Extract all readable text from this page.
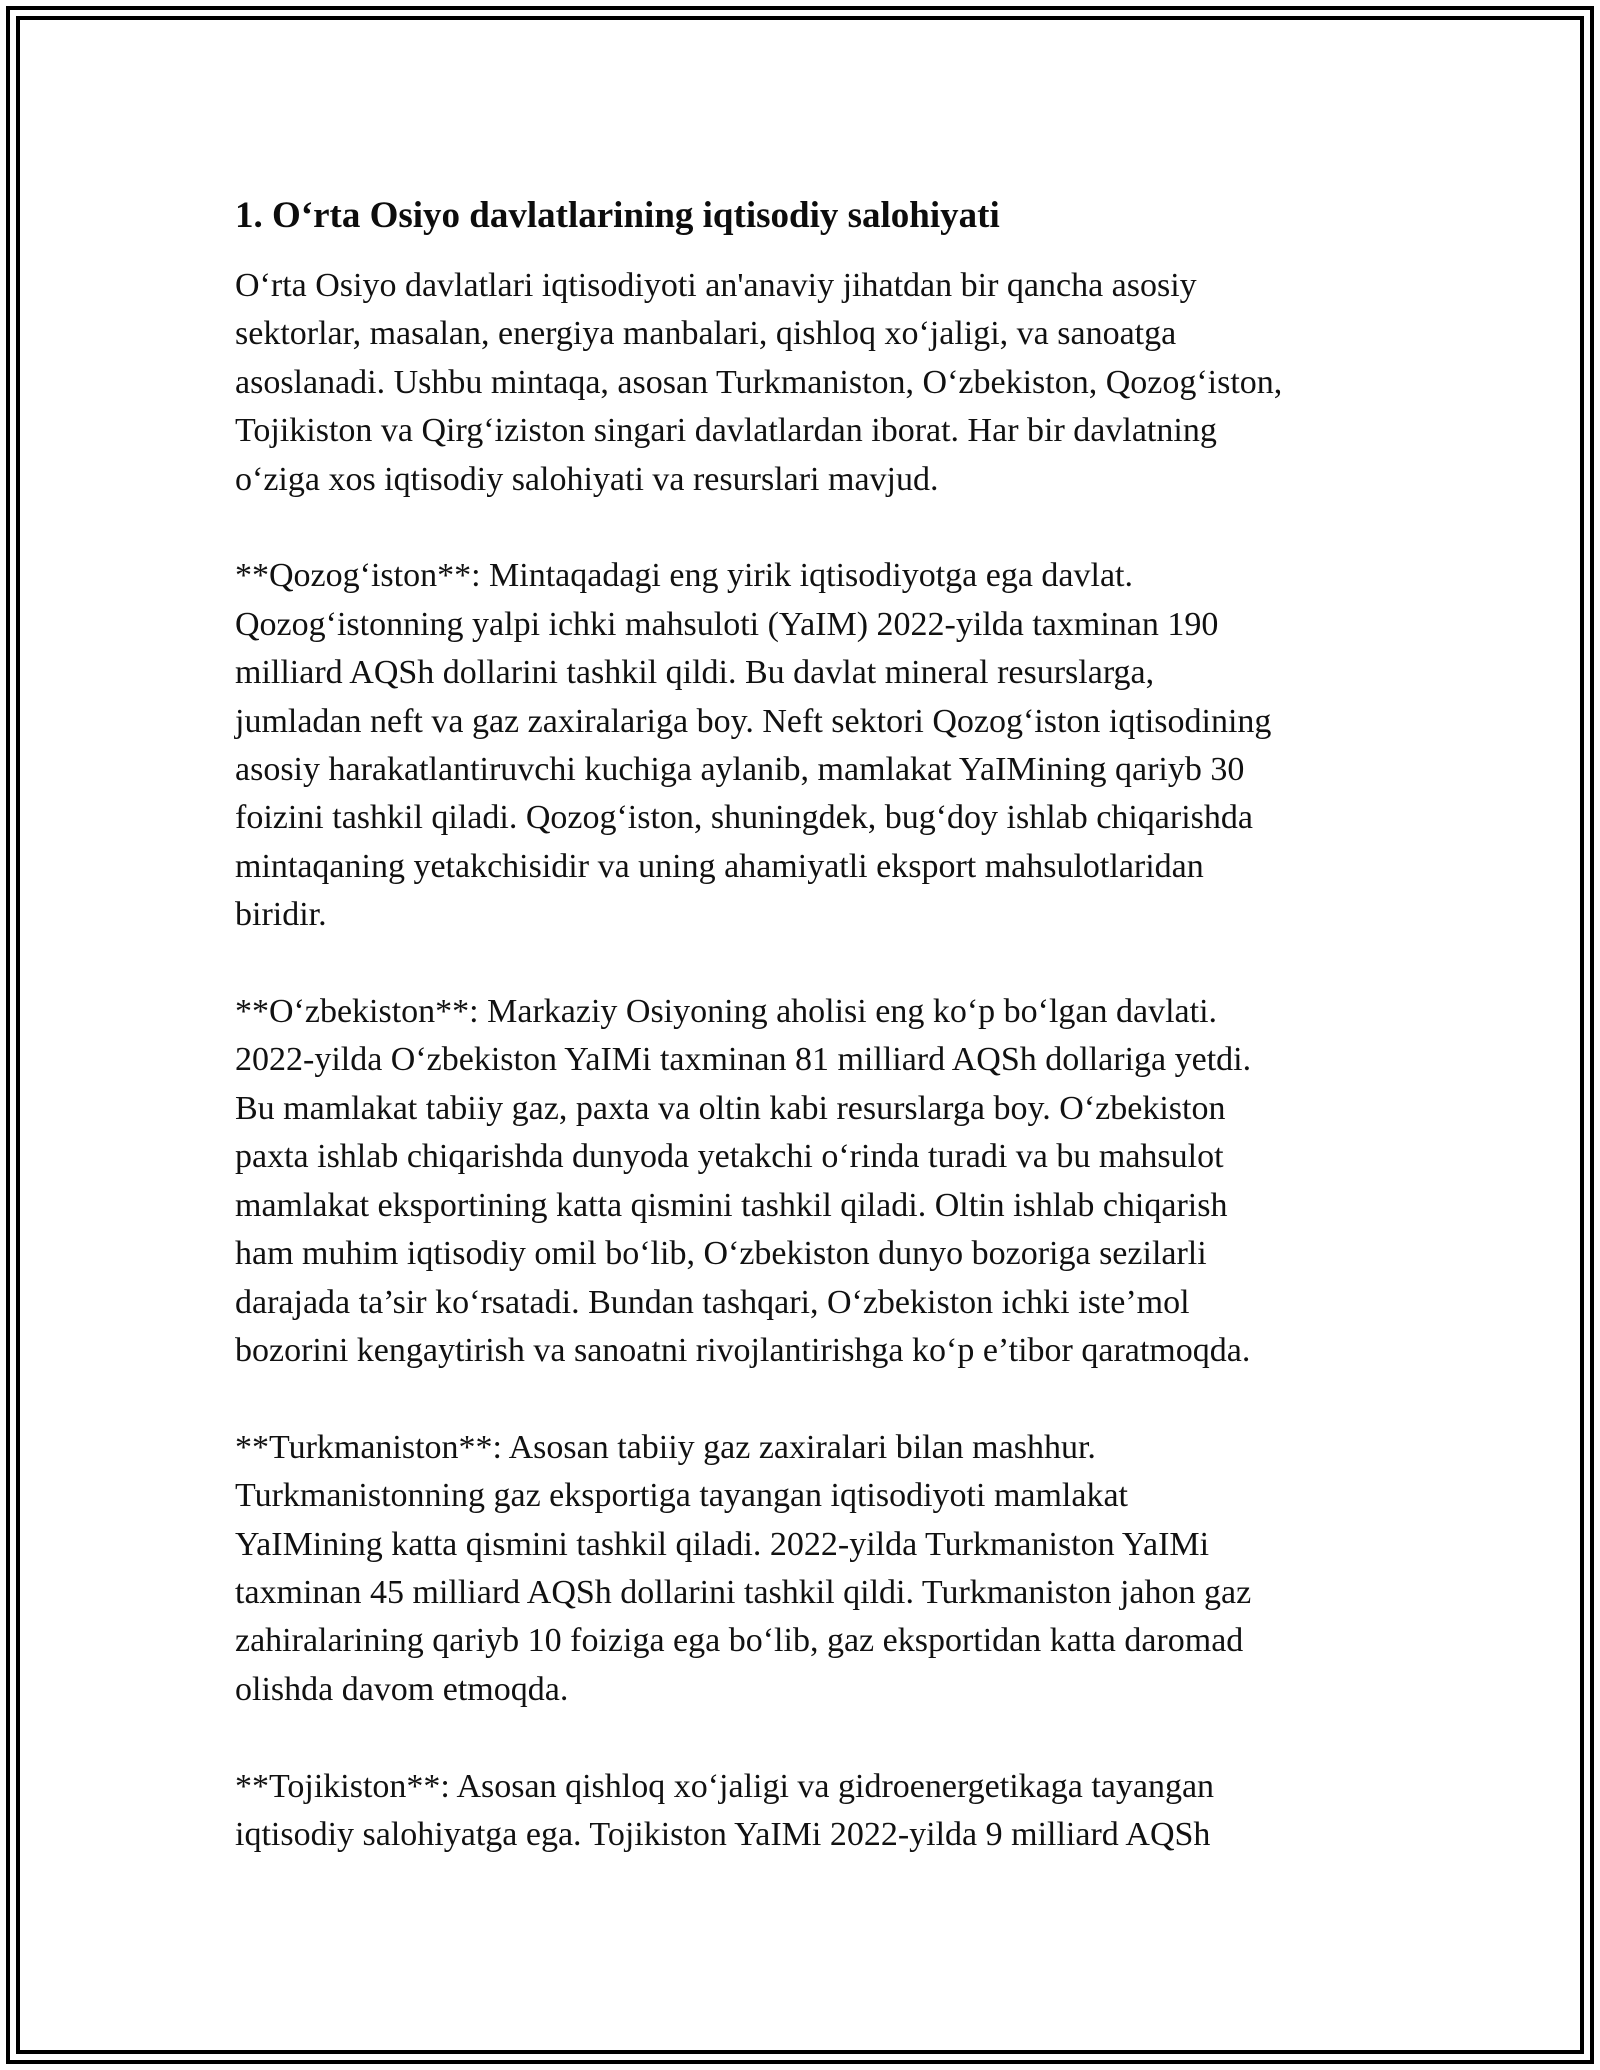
1. O‘rta Osiyo davlatlarining iqtisodiy salohiyati
O‘rta Osiyo davlatlari iqtisodiyoti an'anaviy jihatdan bir qancha asosiy
sektorlar, masalan, energiya manbalari, qishloq xo‘jaligi, va sanoatga
asoslanadi. Ushbu mintaqa, asosan Turkmaniston, O‘zbekiston, Qozog‘iston,
Tojikiston va Qirg‘iziston singari davlatlardan iborat. Har bir davlatning
o‘ziga xos iqtisodiy salohiyati va resurslari mavjud.
**Qozog‘iston**: Mintaqadagi eng yirik iqtisodiyotga ega davlat.
Qozog‘istonning yalpi ichki mahsuloti (YaIM) 2022-yilda taxminan 190
milliard AQSh dollarini tashkil qildi. Bu davlat mineral resurslarga,
jumladan neft va gaz zaxiralariga boy. Neft sektori Qozog‘iston iqtisodining
asosiy harakatlantiruvchi kuchiga aylanib, mamlakat YaIMining qariyb 30
foizini tashkil qiladi. Qozog‘iston, shuningdek, bug‘doy ishlab chiqarishda
mintaqaning yetakchisidir va uning ahamiyatli eksport mahsulotlaridan
biridir.
**O‘zbekiston**: Markaziy Osiyoning aholisi eng ko‘p bo‘lgan davlati.
2022-yilda O‘zbekiston YaIMi taxminan 81 milliard AQSh dollariga yetdi.
Bu mamlakat tabiiy gaz, paxta va oltin kabi resurslarga boy. O‘zbekiston
paxta ishlab chiqarishda dunyoda yetakchi o‘rinda turadi va bu mahsulot
mamlakat eksportining katta qismini tashkil qiladi. Oltin ishlab chiqarish
ham muhim iqtisodiy omil bo‘lib, O‘zbekiston dunyo bozoriga sezilarli
darajada ta’sir ko‘rsatadi. Bundan tashqari, O‘zbekiston ichki iste’mol
bozorini kengaytirish va sanoatni rivojlantirishga ko‘p e’tibor qaratmoqda.
**Turkmaniston**: Asosan tabiiy gaz zaxiralari bilan mashhur.
Turkmanistonning gaz eksportiga tayangan iqtisodiyoti mamlakat
YaIMining katta qismini tashkil qiladi. 2022-yilda Turkmaniston YaIMi
taxminan 45 milliard AQSh dollarini tashkil qildi. Turkmaniston jahon gaz
zahiralarining qariyb 10 foiziga ega bo‘lib, gaz eksportidan katta daromad
olishda davom etmoqda.
**Tojikiston**: Asosan qishloq xo‘jaligi va gidroenergetikaga tayangan
iqtisodiy salohiyatga ega. Tojikiston YaIMi 2022-yilda 9 milliard AQSh
